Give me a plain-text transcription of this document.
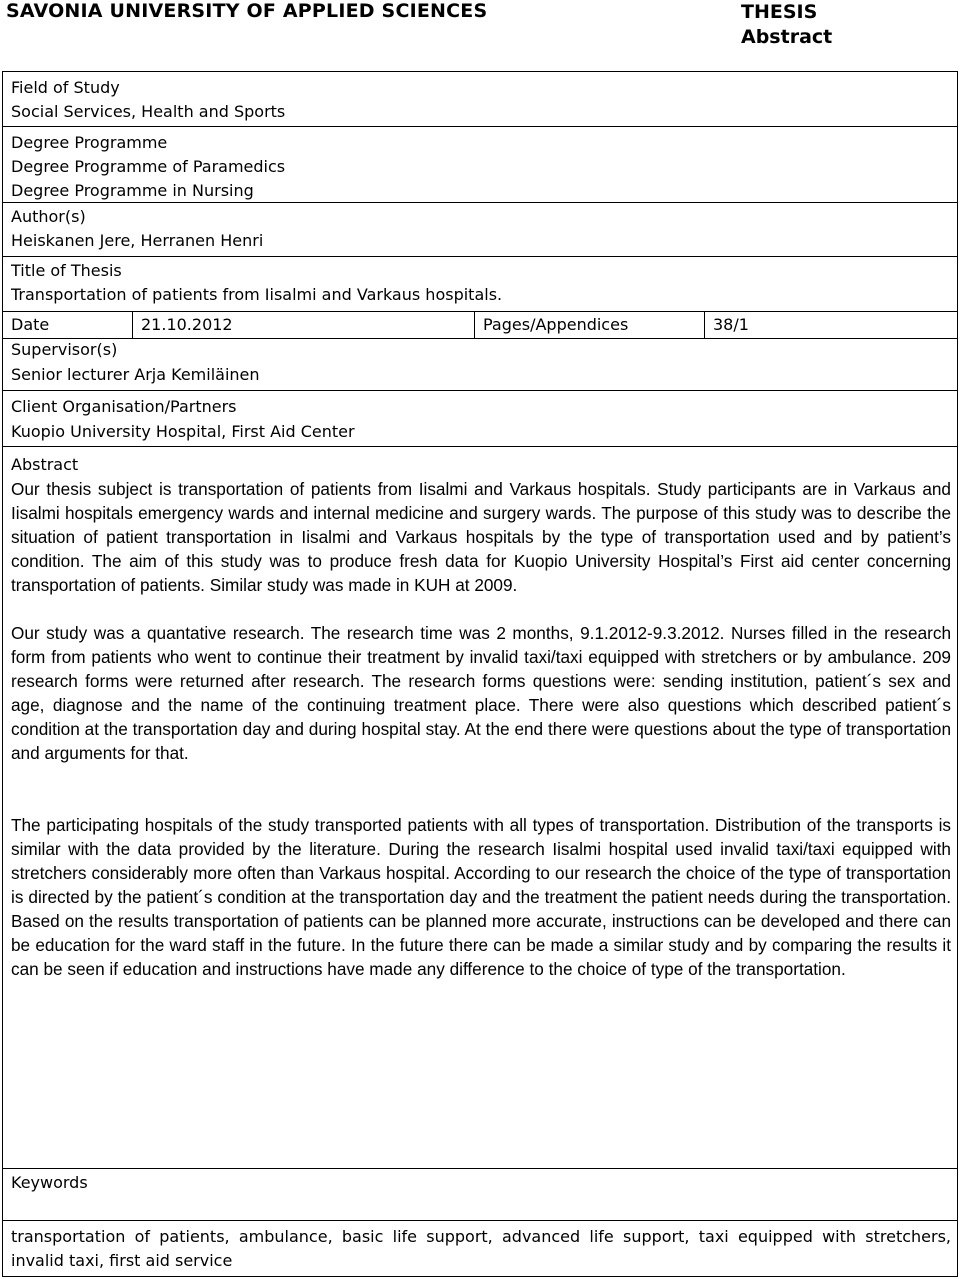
SAVONIA UNIVERSITY OF APPLIED SCIENCES	THESIS
Abstract
Field of Study
Social Services, Health and Sports
Degree Programme
Degree Programme of Paramedics
Degree Programme in Nursing
Author(s)
Heiskanen Jere, Herranen Henri
Title of Thesis
Transportation of patients from Iisalmi and Varkaus hospitals.
Date	21.10.2012	Pages/Appendices	38/1
Supervisor(s)
Senior lecturer Arja Kemiläinen
Client Organisation/Partners
Kuopio University Hospital, First Aid Center
Abstract

Our thesis subject is transportation of patients from Iisalmi and Varkaus hospitals. Study participants are in Varkaus and Iisalmi hospitals emergency wards and internal medicine and surgery wards. The purpose of this study was to describe the situation of patient transportation in Iisalmi and Varkaus hospitals by the type of transportation used and by patient’s condition. The aim of this study was to produce fresh data for Kuopio University Hospital’s First aid center concerning transportation of patients. Similar study was made in KUH at 2009.

Our study was a quantative research. The research time was 2 months, 9.1.2012-9.3.2012. Nurses filled in the research form from patients who went to continue their treatment by invalid taxi/taxi equipped with stretchers or by ambulance. 209 research forms were returned after research. The research forms questions were: sending institution, patient´s sex and age, diagnose and the name of the continuing treatment place. There were also questions which described patient´s condition at the transportation day and during hospital stay. At the end there were questions about the type of transportation and arguments for that.

The participating hospitals of the study transported patients with all types of transportation. Distribution of the transports is similar with the data provided by the literature. During the research Iisalmi hospital used invalid taxi/taxi equipped with stretchers considerably more often than Varkaus hospital. According to our research the choice of the type of transportation is directed by the patient´s condition at the transportation day and the treatment the patient needs during the transportation. Based on the results transportation of patients can be planned more accurate, instructions can be developed and there can be education for the ward staff in the future. In the future there can be made a similar study and by comparing the results it can be seen if education and instructions have made any difference to the choice of type of the transportation.

Keywords
transportation of patients, ambulance, basic life support, advanced life support, taxi equipped with stretchers, invalid taxi, first aid service
